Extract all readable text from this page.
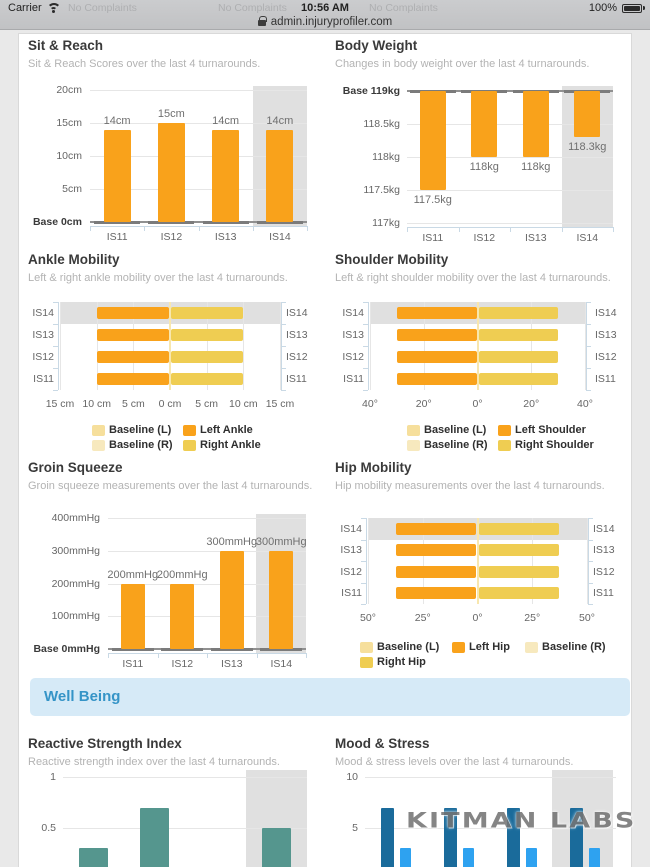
No Complaints	No Complaints	No Complaints
Carrier	10:56 AM	100%
admin.injuryprofiler.com
Sit & Reach

Sit & Reach Scores over the last 4 turnarounds.

20cm
15cm
10cm
5cm
Base 0cm
14cm
15cm
14cm 14cm
IS11	IS12	IS13	IS14
Body Weight

Changes in body weight over the last 4 turnarounds.

Base 119kg
118.5kg
118kg
117.5kg
117kg
117.5kg
118kg 118kg
118.3kg
IS11	IS12	IS13	IS14
Ankle Mobility

Left & right ankle mobility over the last 4 turnarounds.

15 cm 10 cm 5 cm 0 cm 5 cm 10 cm 15 cm
IS14	IS14
IS13	IS13
IS12	IS12
IS11	IS11
Baseline (L)	Left Ankle
Baseline (R) Right Ankle
Shoulder Mobility

Left & right shoulder mobility over the last 4 turnarounds.

40°	20°	0°	20°	40°
IS14	IS14
IS13	IS13
IS12	IS12
IS11	IS11
Baseline (L)	Left Shoulder
Baseline (R) Right Shoulder
Groin Squeeze

Groin squeeze measurements over the last 4 turnarounds.

400mmHg
300mmHg
200mmHg
100mmHg
Base 0mmHg
200mmHg
200mmHg
300mmHg
300mmHg
IS11	IS12	IS13	IS14
Hip Mobility

Hip mobility measurements over the last 4 turnarounds.

50°	25°	0°	25°	50°
IS14	IS14
IS13	IS13
IS12	IS12
IS11	IS11
Baseline (L)	Left Hip	Baseline (R)
Right Hip
Well Being
Reactive Strength Index

Reactive strength index over the last 4 turnarounds.

1
0.5
Mood & Stress

Mood & stress levels over the last 4 turnarounds.

10
5 KITMAN LABS
